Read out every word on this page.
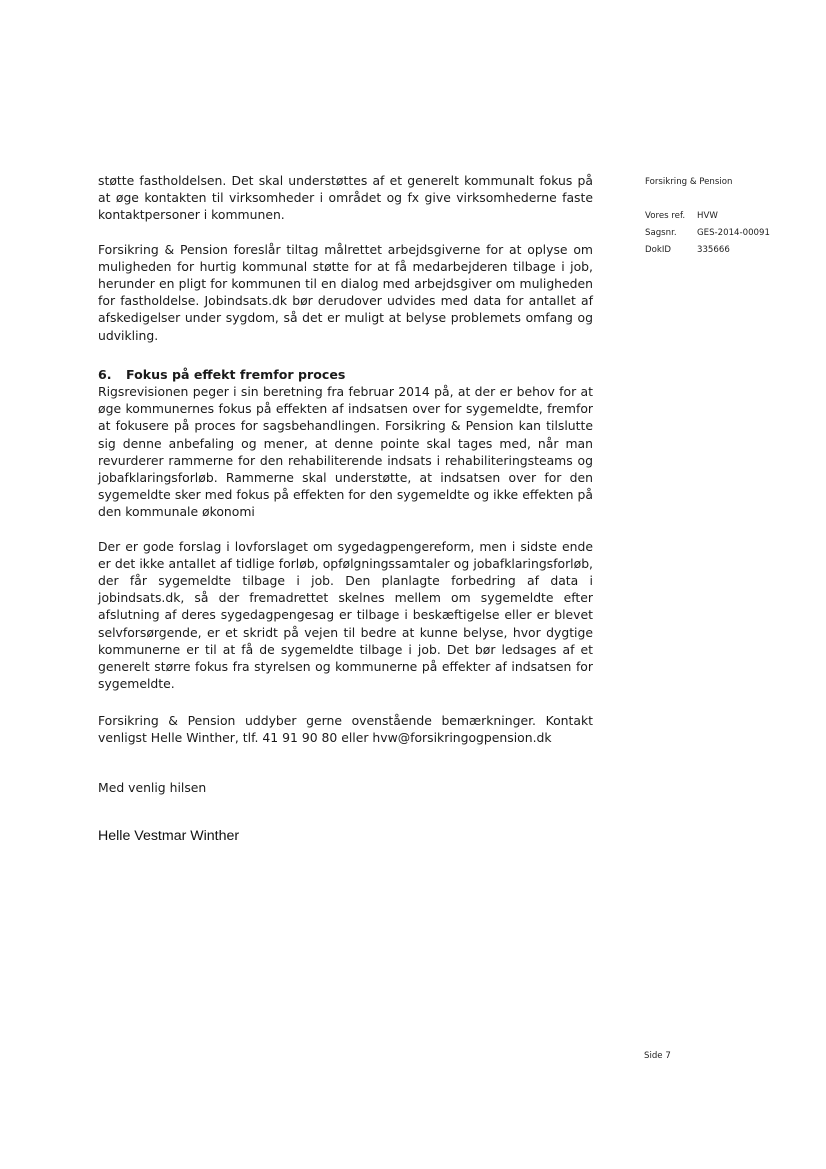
støtte fastholdelsen. Det skal understøttes af et generelt kommunalt fokus på at øge kontakten til virksomheder i området og fx give virksomhederne faste kontaktpersoner i kommunen.

Forsikring & Pension foreslår tiltag målrettet arbejdsgiverne for at oplyse om muligheden for hurtig kommunal støtte for at få medarbejderen tilbage i job, herunder en pligt for kommunen til en dialog med arbejdsgiver om muligheden for fastholdelse. Jobindsats.dk bør derudover udvides med data for antallet af afskedigelser under sygdom, så det er muligt at belyse problemets omfang og udvikling.

6.	Fokus på effekt fremfor proces

Rigsrevisionen peger i sin beretning fra februar 2014 på, at der er behov for at øge kommunernes fokus på effekten af indsatsen over for sygemeldte, fremfor at fokusere på proces for sagsbehandlingen. Forsikring & Pension kan tilslutte sig denne anbefaling og mener, at denne pointe skal tages med, når man revurderer rammerne for den rehabiliterende indsats i rehabiliteringsteams og jobafklaringsforløb. Rammerne skal understøtte, at indsatsen over for den sygemeldte sker med fokus på effekten for den sygemeldte og ikke effekten på den kommunale økonomi

Der er gode forslag i lovforslaget om sygedagpengereform, men i sidste ende er det ikke antallet af tidlige forløb, opfølgningssamtaler og jobafklaringsforløb, der får sygemeldte tilbage i job. Den planlagte forbedring af data i jobindsats.dk, så der fremadrettet skelnes mellem om sygemeldte efter afslutning af deres sygedagpengesag er tilbage i beskæftigelse eller er blevet selvforsørgende, er et skridt på vejen til bedre at kunne belyse, hvor dygtige kommunerne er til at få de sygemeldte tilbage i job. Det bør ledsages af et generelt større fokus fra styrelsen og kommunerne på effekter af indsatsen for sygemeldte.

Forsikring & Pension
Vores ref.	HVW
Sagsnr.	GES-2014-00091
DokID	335666

Forsikring & Pension uddyber gerne ovenstående bemærkninger. Kontakt venligst Helle Winther, tlf. 41 91 90 80 eller hvw@forsikringogpension.dk

Med venlig hilsen
Helle Vestmar Winther
Side 7
